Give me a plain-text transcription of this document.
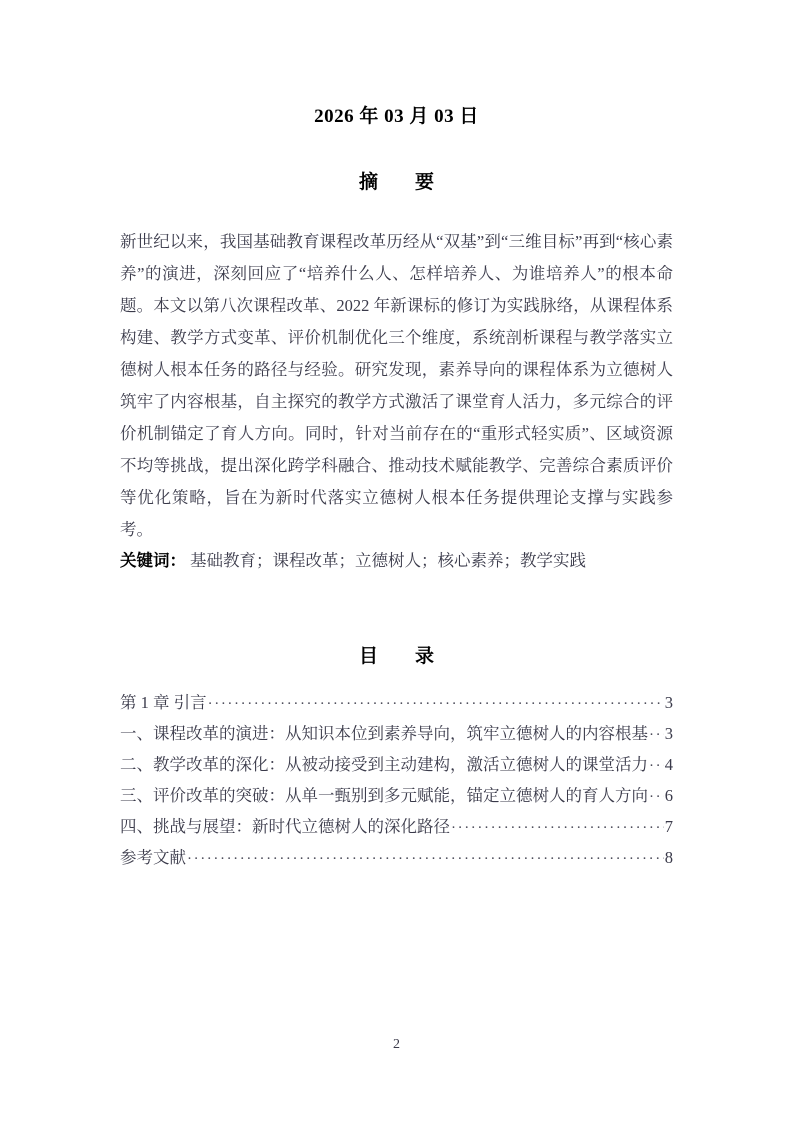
2026 年 03 月 03 日
摘　要
新世纪以来，我国基础教育课程改革历经从“双基”到“三维目标”再到“核心素养”的演进，深刻回应了“培养什么人、怎样培养人、为谁培养人”的根本命题。本文以第八次课程改革、2022 年新课标的修订为实践脉络，从课程体系构建、教学方式变革、评价机制优化三个维度，系统剖析课程与教学落实立德树人根本任务的路径与经验。研究发现，素养导向的课程体系为立德树人筑牢了内容根基，自主探究的教学方式激活了课堂育人活力，多元综合的评价机制锚定了育人方向。同时，针对当前存在的“重形式轻实质”、区域资源不均等挑战，提出深化跨学科融合、推动技术赋能教学、完善综合素质评价等优化策略，旨在为新时代落实立德树人根本任务提供理论支撑与实践参考。
关键词： 基础教育；课程改革；立德树人；核心素养；教学实践
目　录
第 1 章 引言 ·····	3
一、课程改革的演进：从知识本位到素养导向，筑牢立德树人的内容根基 ····· 3
二、教学改革的深化：从被动接受到主动建构，激活立德树人的课堂活力 ····· 4
三、评价改革的突破：从单一甄别到多元赋能，锚定立德树人的育人方向 ····· 6
四、挑战与展望：新时代立德树人的深化路径 ·····	7
参考文献 ·····	8
2
